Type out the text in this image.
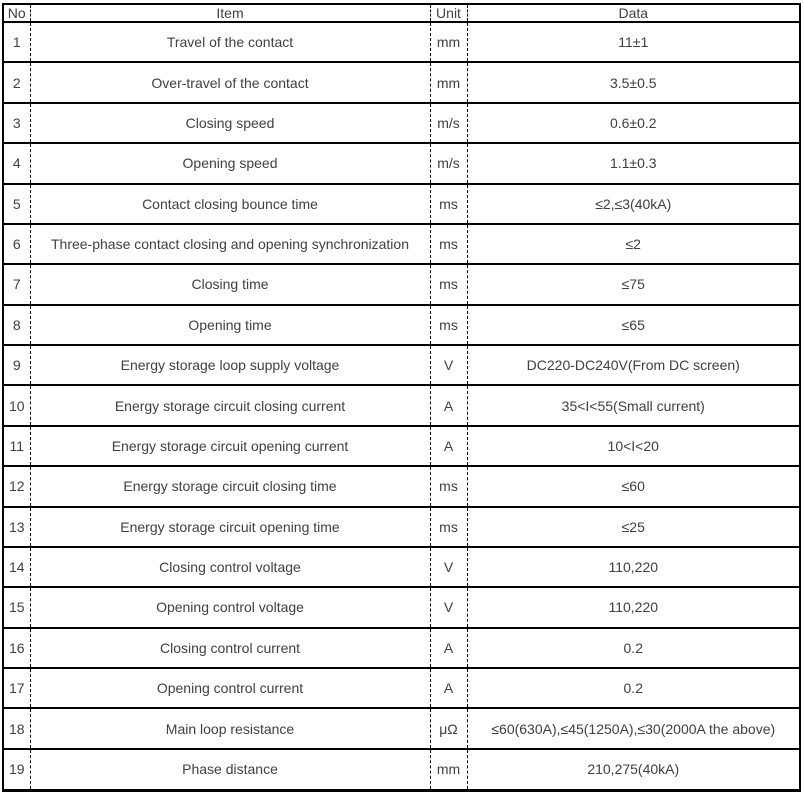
No	Item	Unit	Data
1	Travel of the contact	mm	11±1
2	Over-travel of the contact	mm	3.5±0.5
3	Closing speed	m/s	0.6±0.2
4	Opening speed	m/s	1.1±0.3
5	Contact closing bounce time	ms	≤2,≤3(40kA)
6	Three-phase contact closing and opening synchronization	ms	≤2
7	Closing time	ms	≤75
8	Opening time	ms	≤65
9	Energy storage loop supply voltage	V	DC220-DC240V(From DC screen)
10	Energy storage circuit closing current	A	35<I<55(Small current)
11	Energy storage circuit opening current	A	10<I<20
12	Energy storage circuit closing time	ms	≤60
13	Energy storage circuit opening time	ms	≤25
14	Closing control voltage	V	110,220
15	Opening control voltage	V	110,220
16	Closing control current	A	0.2
17	Opening control current	A	0.2
18	Main loop resistance	μΩ	≤60(630A),≤45(1250A),≤30(2000A the above)
19	Phase distance	mm	210,275(40kA)
